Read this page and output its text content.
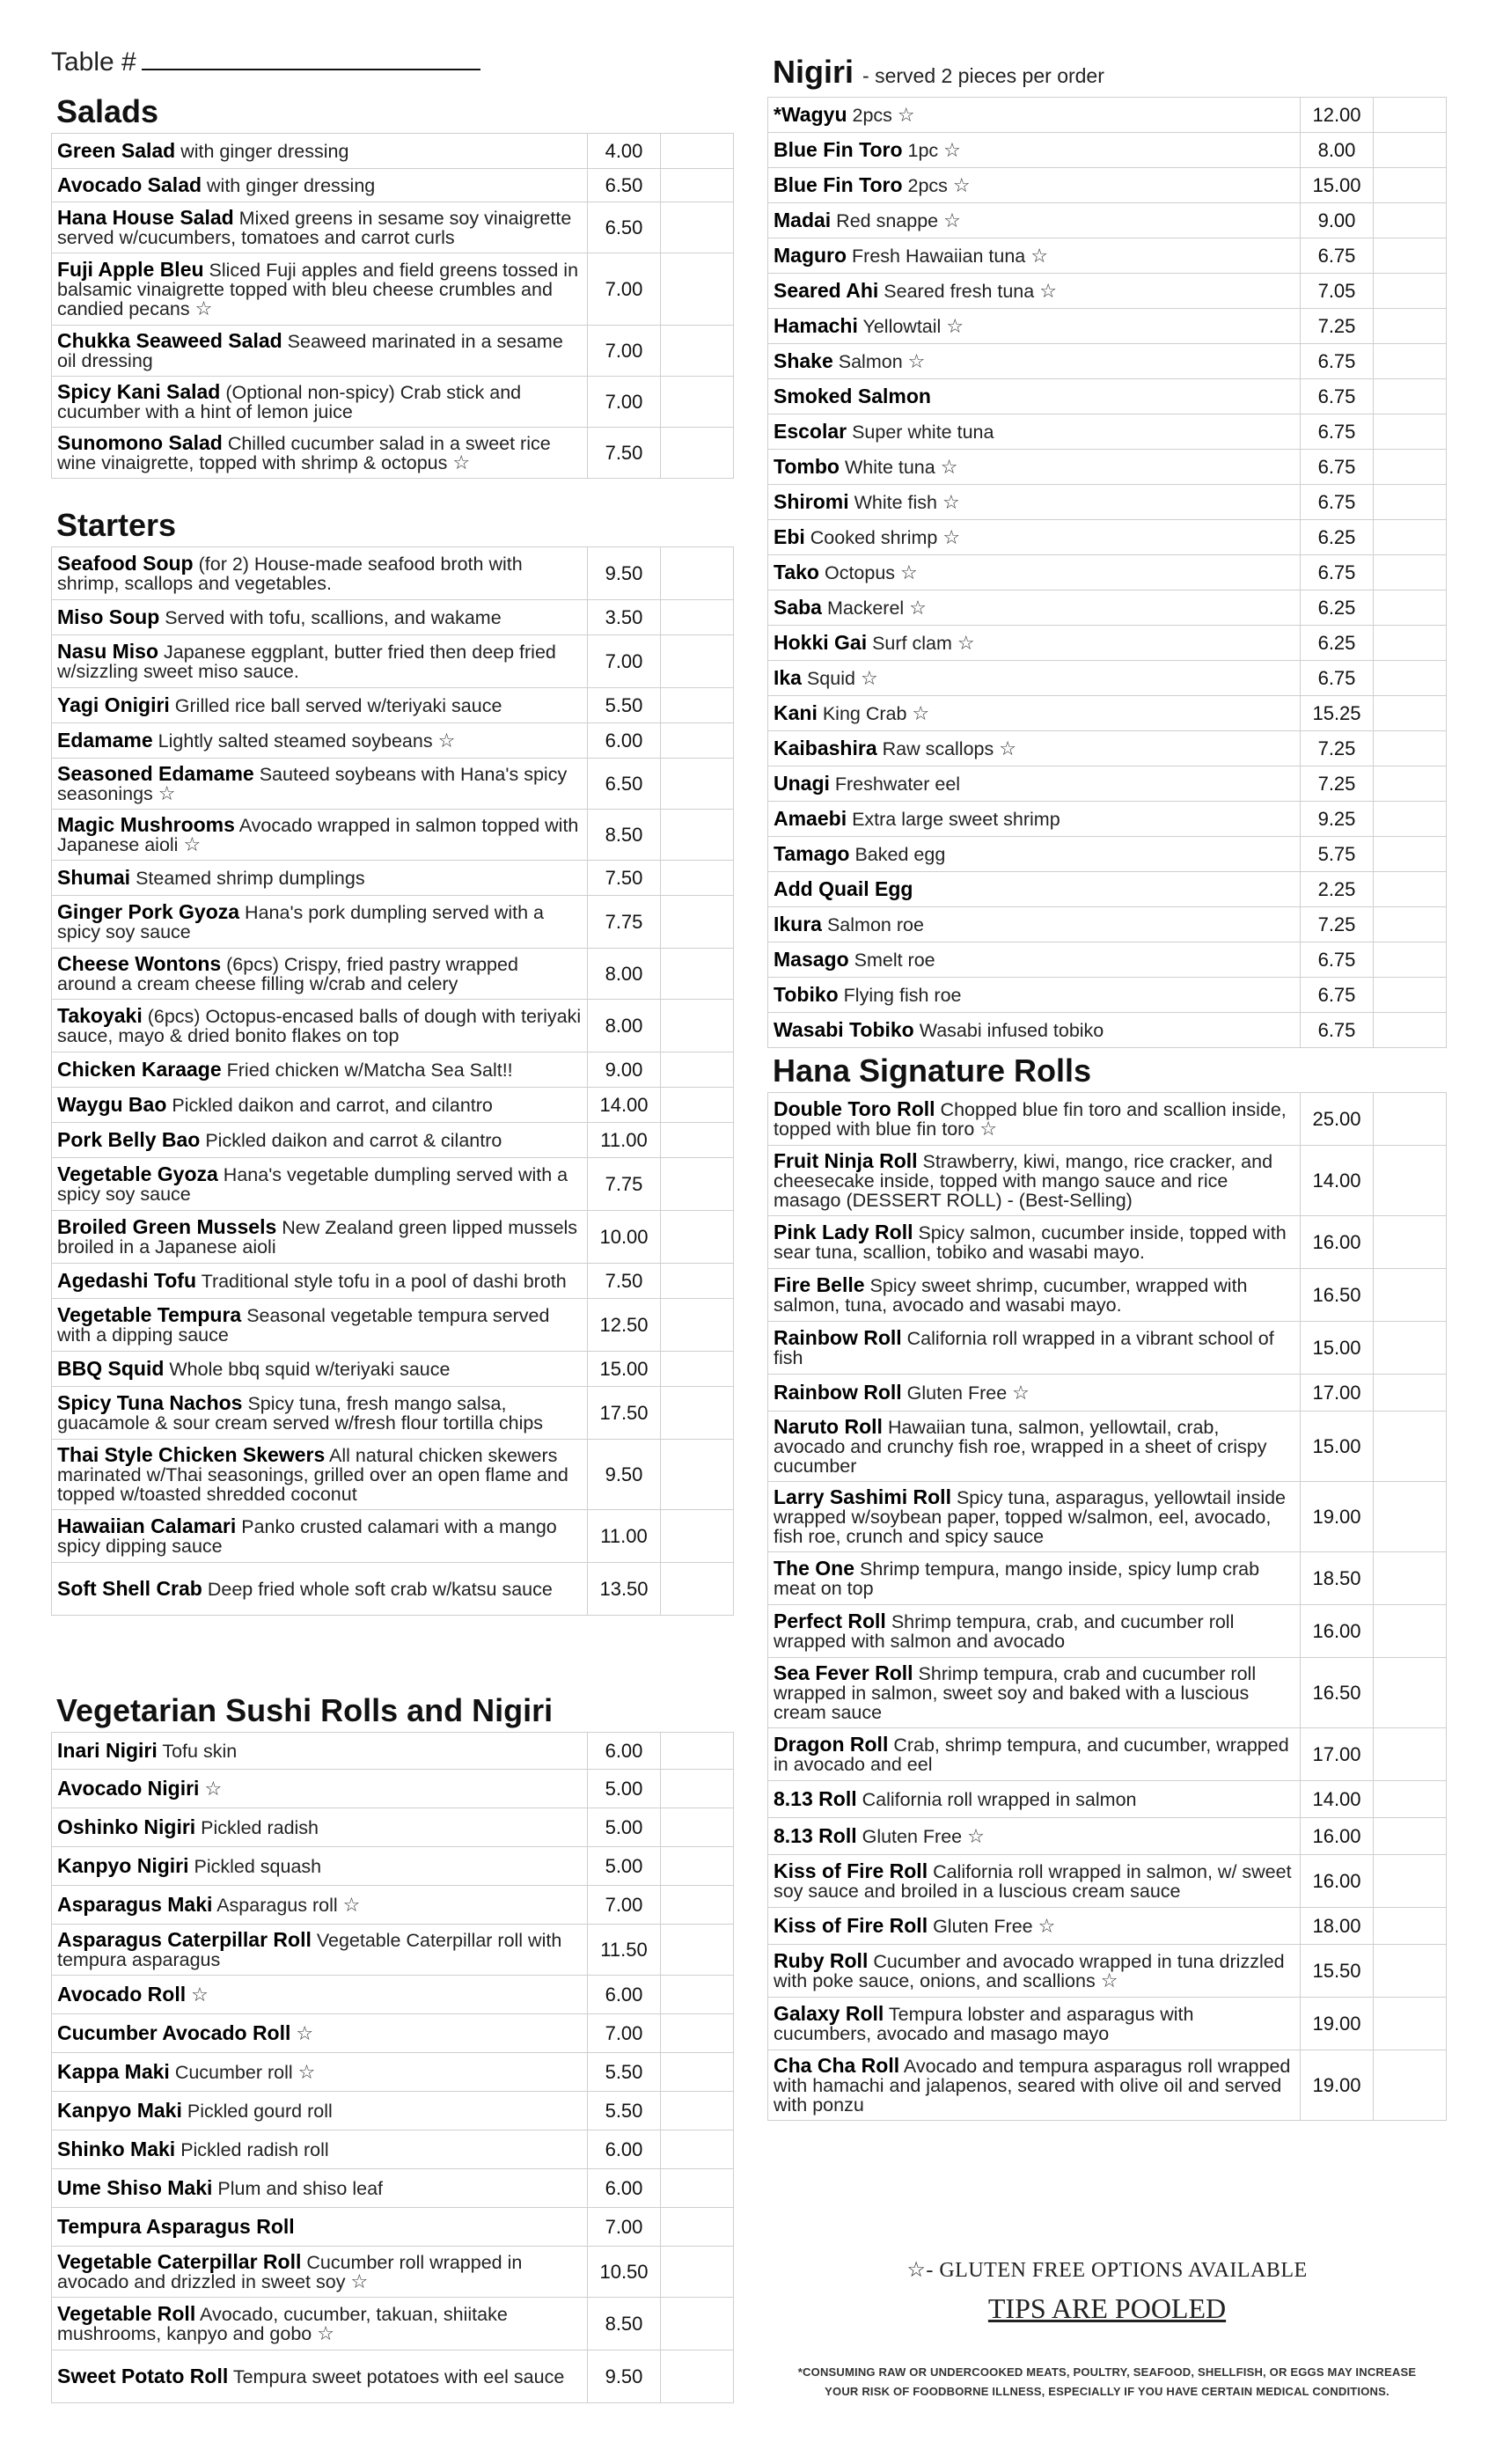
Table #
Salads
Green Salad with ginger dressing	4.00	
Avocado Salad with ginger dressing	6.50	
Hana House Salad Mixed greens in sesame soy vinaigrette served w/cucumbers, tomatoes and carrot curls	6.50	
Fuji Apple Bleu Sliced Fuji apples and field greens tossed in balsamic vinaigrette topped with bleu cheese crumbles and candied pecans ☆	7.00	
Chukka Seaweed Salad Seaweed marinated in a sesame oil dressing	7.00	
Spicy Kani Salad (Optional non-spicy) Crab stick and cucumber with a hint of lemon juice	7.00	
Sunomono Salad Chilled cucumber salad in a sweet rice wine vinaigrette, topped with shrimp & octopus ☆	7.50	
Starters
Seafood Soup (for 2) House-made seafood broth with shrimp, scallops and vegetables.	9.50	
Miso Soup Served with tofu, scallions, and wakame	3.50	
Nasu Miso Japanese eggplant, butter fried then deep fried w/sizzling sweet miso sauce.	7.00	
Yagi Onigiri Grilled rice ball served w/teriyaki sauce	5.50	
Edamame Lightly salted steamed soybeans ☆	6.00	
Seasoned Edamame Sauteed soybeans with Hana's spicy seasonings ☆	6.50	
Magic Mushrooms Avocado wrapped in salmon topped with Japanese aioli ☆	8.50	
Shumai Steamed shrimp dumplings	7.50	
Ginger Pork Gyoza Hana's pork dumpling served with a spicy soy sauce	7.75	
Cheese Wontons (6pcs) Crispy, fried pastry wrapped around a cream cheese filling w/crab and celery	8.00	
Takoyaki (6pcs) Octopus-encased balls of dough with teriyaki sauce, mayo & dried bonito flakes on top	8.00	
Chicken Karaage Fried chicken w/Matcha Sea Salt!!	9.00	
Waygu Bao Pickled daikon and carrot, and cilantro	14.00	
Pork Belly Bao Pickled daikon and carrot & cilantro	11.00	
Vegetable Gyoza Hana's vegetable dumpling served with a spicy soy sauce	7.75	
Broiled Green Mussels New Zealand green lipped mussels broiled in a Japanese aioli	10.00	
Agedashi Tofu Traditional style tofu in a pool of dashi broth	7.50	
Vegetable Tempura Seasonal vegetable tempura served with a dipping sauce	12.50	
BBQ Squid Whole bbq squid w/teriyaki sauce	15.00	
Spicy Tuna Nachos Spicy tuna, fresh mango salsa, guacamole & sour cream served w/fresh flour tortilla chips	17.50	
Thai Style Chicken Skewers All natural chicken skewers marinated w/Thai seasonings, grilled over an open flame and topped w/toasted shredded coconut	9.50	
Hawaiian Calamari Panko crusted calamari with a mango spicy dipping sauce	11.00	
Soft Shell Crab Deep fried whole soft crab w/katsu sauce	13.50	
Vegetarian Sushi Rolls and Nigiri
Inari Nigiri Tofu skin	6.00	
Avocado Nigiri ☆	5.00	
Oshinko Nigiri Pickled radish	5.00	
Kanpyo Nigiri Pickled squash	5.00	
Asparagus Maki Asparagus roll ☆	7.00	
Asparagus Caterpillar Roll Vegetable Caterpillar roll with tempura asparagus	11.50	
Avocado Roll ☆	6.00	
Cucumber Avocado Roll ☆	7.00	
Kappa Maki Cucumber roll ☆	5.50	
Kanpyo Maki Pickled gourd roll	5.50	
Shinko Maki Pickled radish roll	6.00	
Ume Shiso Maki Plum and shiso leaf	6.00	
Tempura Asparagus Roll	7.00	
Vegetable Caterpillar Roll Cucumber roll wrapped in avocado and drizzled in sweet soy ☆	10.50	
Vegetable Roll Avocado, cucumber, takuan, shiitake mushrooms, kanpyo and gobo ☆	8.50	
Sweet Potato Roll Tempura sweet potatoes with eel sauce	9.50	
Nigiri - served 2 pieces per order
*Wagyu 2pcs ☆	12.00	
Blue Fin Toro 1pc ☆	8.00	
Blue Fin Toro 2pcs ☆	15.00	
Madai Red snappe ☆	9.00	
Maguro Fresh Hawaiian tuna ☆	6.75	
Seared Ahi Seared fresh tuna ☆	7.05	
Hamachi Yellowtail ☆	7.25	
Shake Salmon ☆	6.75	
Smoked Salmon	6.75	
Escolar Super white tuna	6.75	
Tombo White tuna ☆	6.75	
Shiromi White fish ☆	6.75	
Ebi Cooked shrimp ☆	6.25	
Tako Octopus ☆	6.75	
Saba Mackerel ☆	6.25	
Hokki Gai Surf clam ☆	6.25	
Ika Squid ☆	6.75	
Kani King Crab ☆	15.25	
Kaibashira Raw scallops ☆	7.25	
Unagi Freshwater eel	7.25	
Amaebi Extra large sweet shrimp	9.25	
Tamago Baked egg	5.75	
Add Quail Egg	2.25	
Ikura Salmon roe	7.25	
Masago Smelt roe	6.75	
Tobiko Flying fish roe	6.75	
Wasabi Tobiko Wasabi infused tobiko	6.75	
Hana Signature Rolls
Double Toro Roll Chopped blue fin toro and scallion inside, topped with blue fin toro ☆	25.00	
Fruit Ninja Roll Strawberry, kiwi, mango, rice cracker, and cheesecake inside, topped with mango sauce and rice masago (DESSERT ROLL) - (Best-Selling)	14.00	
Pink Lady Roll Spicy salmon, cucumber inside, topped with sear tuna, scallion, tobiko and wasabi mayo.	16.00	
Fire Belle Spicy sweet shrimp, cucumber, wrapped with salmon, tuna, avocado and wasabi mayo.	16.50	
Rainbow Roll California roll wrapped in a vibrant school of fish	15.00	
Rainbow Roll Gluten Free ☆	17.00	
Naruto Roll Hawaiian tuna, salmon, yellowtail, crab, avocado and crunchy fish roe, wrapped in a sheet of crispy cucumber	15.00	
Larry Sashimi Roll Spicy tuna, asparagus, yellowtail inside wrapped w/soybean paper, topped w/salmon, eel, avocado, fish roe, crunch and spicy sauce	19.00	
The One Shrimp tempura, mango inside, spicy lump crab meat on top	18.50	
Perfect Roll Shrimp tempura, crab, and cucumber roll wrapped with salmon and avocado	16.00	
Sea Fever Roll Shrimp tempura, crab and cucumber roll wrapped in salmon, sweet soy and baked with a luscious cream sauce	16.50	
Dragon Roll Crab, shrimp tempura, and cucumber, wrapped in avocado and eel	17.00	
8.13 Roll California roll wrapped in salmon	14.00	
8.13 Roll Gluten Free ☆	16.00	
Kiss of Fire Roll California roll wrapped in salmon, w/ sweet soy sauce and broiled in a luscious cream sauce	16.00	
Kiss of Fire Roll Gluten Free ☆	18.00	
Ruby Roll Cucumber and avocado wrapped in tuna drizzled with poke sauce, onions, and scallions ☆	15.50	
Galaxy Roll Tempura lobster and asparagus with cucumbers, avocado and masago mayo	19.00	
Cha Cha Roll Avocado and tempura asparagus roll wrapped with hamachi and jalapenos, seared with olive oil and served with ponzu	19.00	
☆- GLUTEN FREE OPTIONS AVAILABLE
TIPS ARE POOLED
*CONSUMING RAW OR UNDERCOOKED MEATS, POULTRY, SEAFOOD, SHELLFISH, OR EGGS MAY INCREASE
YOUR RISK OF FOODBORNE ILLNESS, ESPECIALLY IF YOU HAVE CERTAIN MEDICAL CONDITIONS.
